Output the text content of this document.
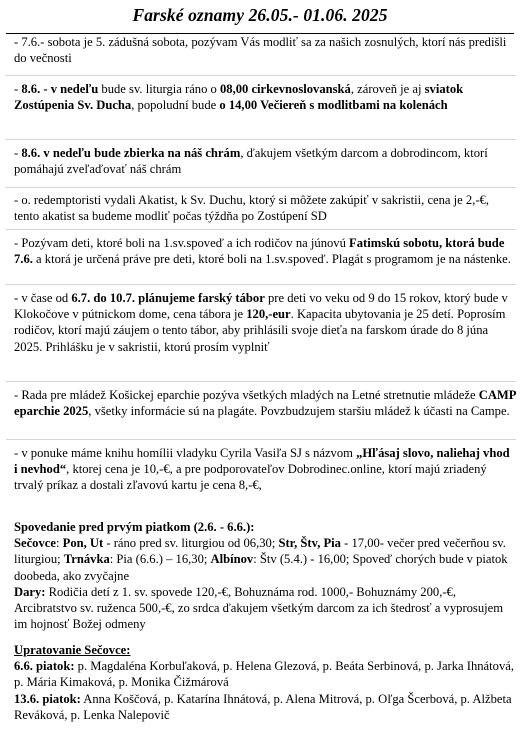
Farské oznamy 26.05.- 01.06. 2025
- 7.6.- sobota je 5. zádušná sobota, pozývam Vás modliť sa za našich zosnulých, ktorí nás predišli do večnosti
- 8.6. - v nedeľu bude sv. liturgia ráno o 08,00 cirkevnoslovanská, zároveň je aj sviatok Zostúpenia Sv. Ducha, popoludní bude o 14,00 Večiereň s modlitbami na kolenách
- 8.6. v nedeľu bude zbierka na náš chrám, ďakujem všetkým darcom a dobrodincom, ktorí pomáhajú zveľaďovať náš chrám
- o. redemptoristi vydali Akatist, k Sv. Duchu, ktorý si môžete zakúpiť v sakristii, cena je 2,-€, tento akatist sa budeme modliť počas týždňa po Zostúpení SD
- Pozývam deti, ktoré boli na 1.sv.spoveď a ich rodičov na júnovú Fatimskú sobotu, ktorá bude 7.6. a ktorá je určená práve pre deti, ktoré boli na 1.sv.spoveď. Plagát s programom je na nástenke.
- v čase od 6.7. do 10.7. plánujeme farský tábor pre deti vo veku od 9 do 15 rokov, ktorý bude v Klokočove v pútnickom dome, cena tábora je 120,-eur. Kapacita ubytovania je 25 detí. Poprosím rodičov, ktorí majú záujem o tento tábor, aby prihlásili svoje dieťa na farskom úrade do 8 júna 2025. Prihlášku je v sakristii, ktorú prosím vyplniť
- Rada pre mládež Košickej eparchie pozýva všetkých mladých na Letné stretnutie mládeže CAMP eparchie 2025, všetky informácie sú na plagáte. Povzbudzujem staršiu mládež k účasti na Campe.
- v ponuke máme knihu homílii vladyku Cyrila Vasiľa SJ s názvom „Hľásaj slovo, naliehaj vhod i nevhod“, ktorej cena je 10,-€, a pre podporovateľov Dobrodinec.online, ktorí majú zriadený trvalý príkaz a dostali zľavovú kartu je cena 8,-€,
Spovedanie pred prvým piatkom (2.6. - 6.6.):
Sečovce: Pon, Ut - ráno pred sv. liturgiou od 06,30; Str, Štv, Pia - 17,00- večer pred večerňou sv. liturgiou; Trnávka: Pia (6.6.) – 16,30; Albínov: Štv (5.4.) - 16,00; Spoveď chorých bude v piatok doobeda, ako zvyčajne
Dary: Rodičia detí z 1. sv. spovede 120,-€, Bohuznáma rod. 1000,- Bohuznámy 200,-€, Arcibratstvo sv. ruženca 500,-€, zo srdca ďakujem všetkým darcom za ich štedrosť a vyprosujem im hojnosť Božej odmeny
Upratovanie Sečovce:
6.6. piatok: p. Magdaléna Korbuľaková, p. Helena Glezová, p. Beáta Serbinová, p. Jarka Ihnátová, p. Mária Kimaková, p. Monika Čižmárová
13.6. piatok: Anna Koščová, p. Katarína Ihnátová, p. Alena Mitrová, p. Oľga Šcerbová, p. Alžbeta Reváková, p. Lenka Nalepovič
